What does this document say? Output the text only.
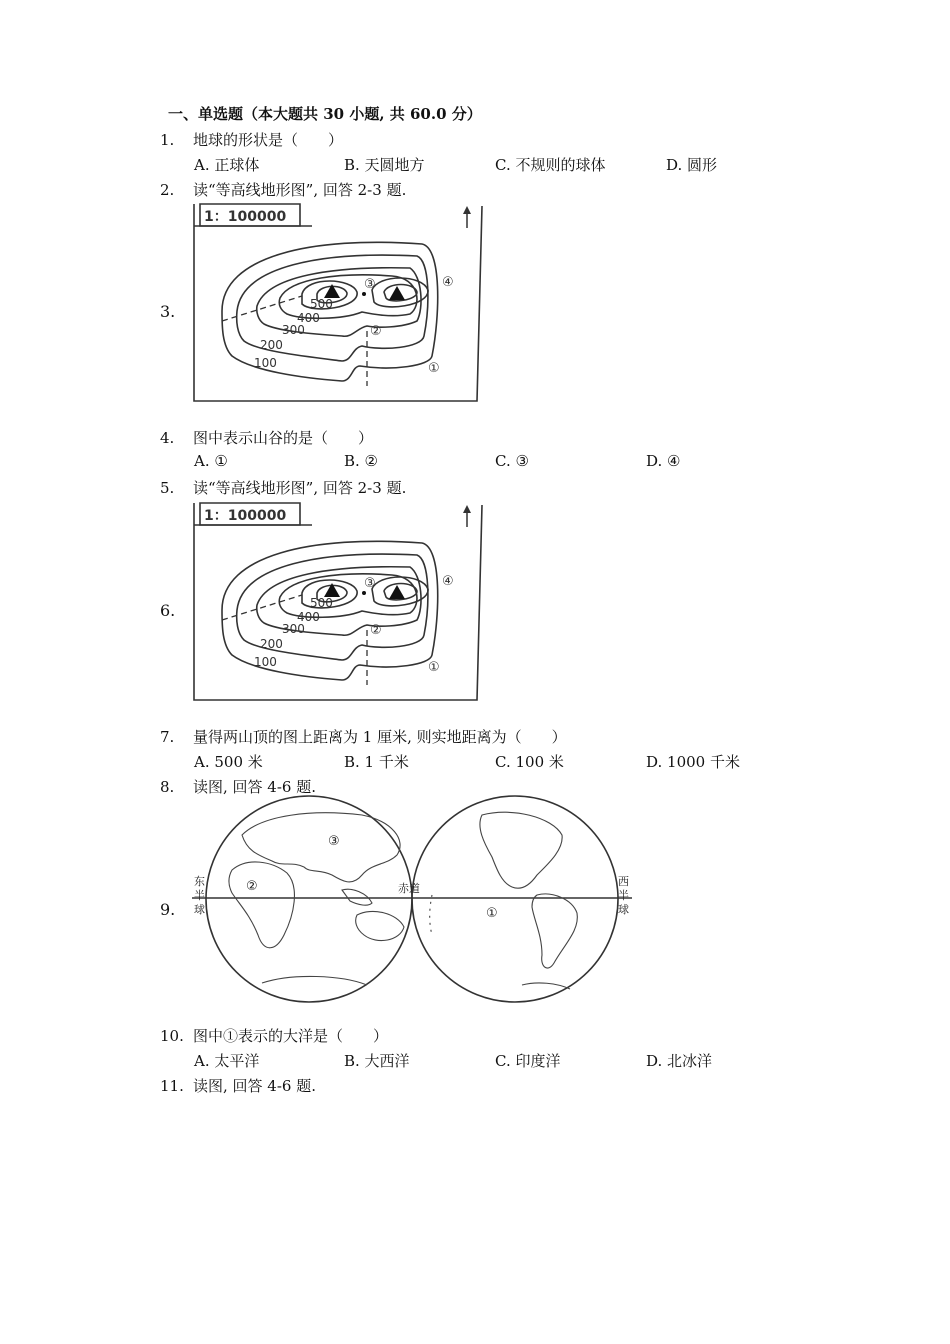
一、单选题（本大题共 30 小题, 共 60.0 分）
1. 地球的形状是（　　）
A. 正球体	B. 天圆地方	C. 不规则的球体	D. 圆形
2. 读“等高线地形图”, 回答 2-3 题.
3.
1：100000
500
400
300
200
100	①
②
③	④
4. 图中表示山谷的是（　　）
A. ①	B. ②	C. ③	D. ④
5. 读“等高线地形图”, 回答 2-3 题.
6.
1：100000
500
400
300
200
100	①
②
③	④
7. 量得两山顶的图上距离为 1 厘米, 则实地距离为（　　）
A. 500 米	B. 1 千米	C. 100 米	D. 1000 千米
8. 读图, 回答 4-6 题.
9.
东
半
球
西
半
球
赤道
①
②
③
10. 图中①表示的大洋是（　　）
A. 太平洋	B. 大西洋	C. 印度洋	D. 北冰洋
11. 读图, 回答 4-6 题.
